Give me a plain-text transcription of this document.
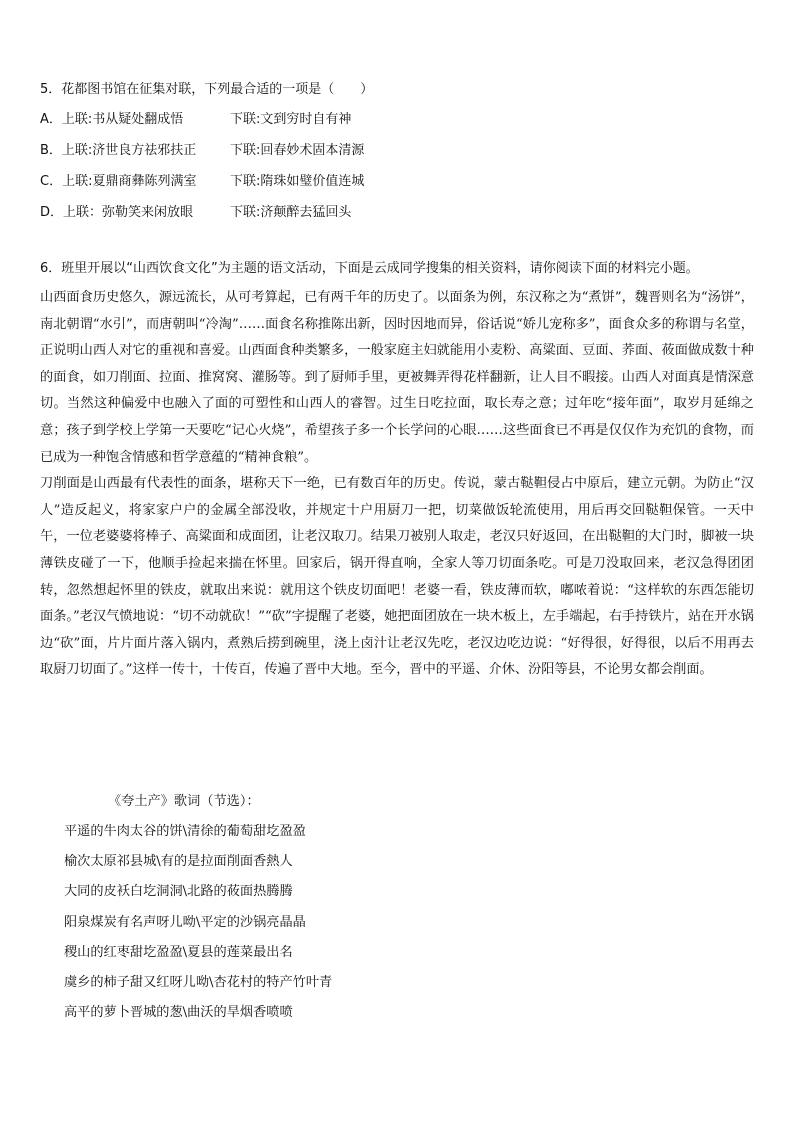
5．花都图书馆在征集对联，下列最合适的一项是（　　）

A．上联:书从疑处翻成悟	下联:文到穷时自有神
B．上联:济世良方祛邪扶正	下联:回春妙术固本清源
C．上联:夏鼎商彝陈列满室	下联:隋珠如璧价值连城
D．上联：弥勒笑来闲放眼	下联:济颠醉去猛回头

6．班里开展以“山西饮食文化”为主题的语文活动，下面是云成同学搜集的相关资料，请你阅读下面的材料完小题。

山西面食历史悠久，源远流长，从可考算起，已有两千年的历史了。以面条为例，东汉称之为“煮饼”，魏晋则名为“汤饼”，南北朝谓“水引”，而唐朝叫“冷淘”……面食名称推陈出新，因时因地而异，俗话说“娇儿宠称多”，面食众多的称谓与名堂，正说明山西人对它的重视和喜爱。山西面食种类繁多，一般家庭主妇就能用小麦粉、高粱面、豆面、荞面、莜面做成数十种的面食，如刀削面、拉面、推窝窝、灌肠等。到了厨师手里，更被舞弄得花样翻新，让人目不暇接。山西人对面真是情深意切。当然这种偏爱中也融入了面的可塑性和山西人的睿智。过生日吃拉面，取长寿之意；过年吃“接年面”，取岁月延绵之意；孩子到学校上学第一天要吃“记心火烧”，希望孩子多一个长学问的心眼……这些面食已不再是仅仅作为充饥的食物，而已成为一种饱含情感和哲学意蕴的“精神食粮”。

刀削面是山西最有代表性的面条，堪称天下一绝，已有数百年的历史。传说，蒙古鞑靼侵占中原后，建立元朝。为防止“汉人”造反起义，将家家户户的金属全部没收，并规定十户用厨刀一把，切菜做饭轮流使用，用后再交回鞑靼保管。一天中午，一位老婆婆将棒子、高粱面和成面团，让老汉取刀。结果刀被别人取走，老汉只好返回，在出鞑靼的大门时，脚被一块薄铁皮碰了一下，他顺手捡起来揣在怀里。回家后，锅开得直响，全家人等刀切面条吃。可是刀没取回来，老汉急得团团转，忽然想起怀里的铁皮，就取出来说：就用这个铁皮切面吧！老婆一看，铁皮薄而软，嘟哝着说：“这样软的东西怎能切面条。”老汉气愤地说：“切不动就砍！”“砍”字提醒了老婆，她把面团放在一块木板上，左手端起，右手持铁片，站在开水锅边“砍”面，片片面片落入锅内，煮熟后捞到碗里，浇上卤汁让老汉先吃，老汉边吃边说：“好得很，好得很，以后不用再去取厨刀切面了。”这样一传十，十传百，传遍了晋中大地。至今，晋中的平遥、介休、汾阳等县，不论男女都会削面。

《夸土产》歌词（节选）：
平遥的牛肉太谷的饼\清徐的葡萄甜圪盈盈
榆次太原祁县城\有的是拉面削面香熱人
大同的皮袄白圪洞洞\北路的莜面热腾腾
阳泉煤炭有名声呀儿呦\平定的沙锅亮晶晶
稷山的红枣甜圪盈盈\夏县的莲菜最出名
虞乡的柿子甜又红呀儿呦\杏花村的特产竹叶青
高平的萝卜晋城的葱\曲沃的旱烟香喷喷
